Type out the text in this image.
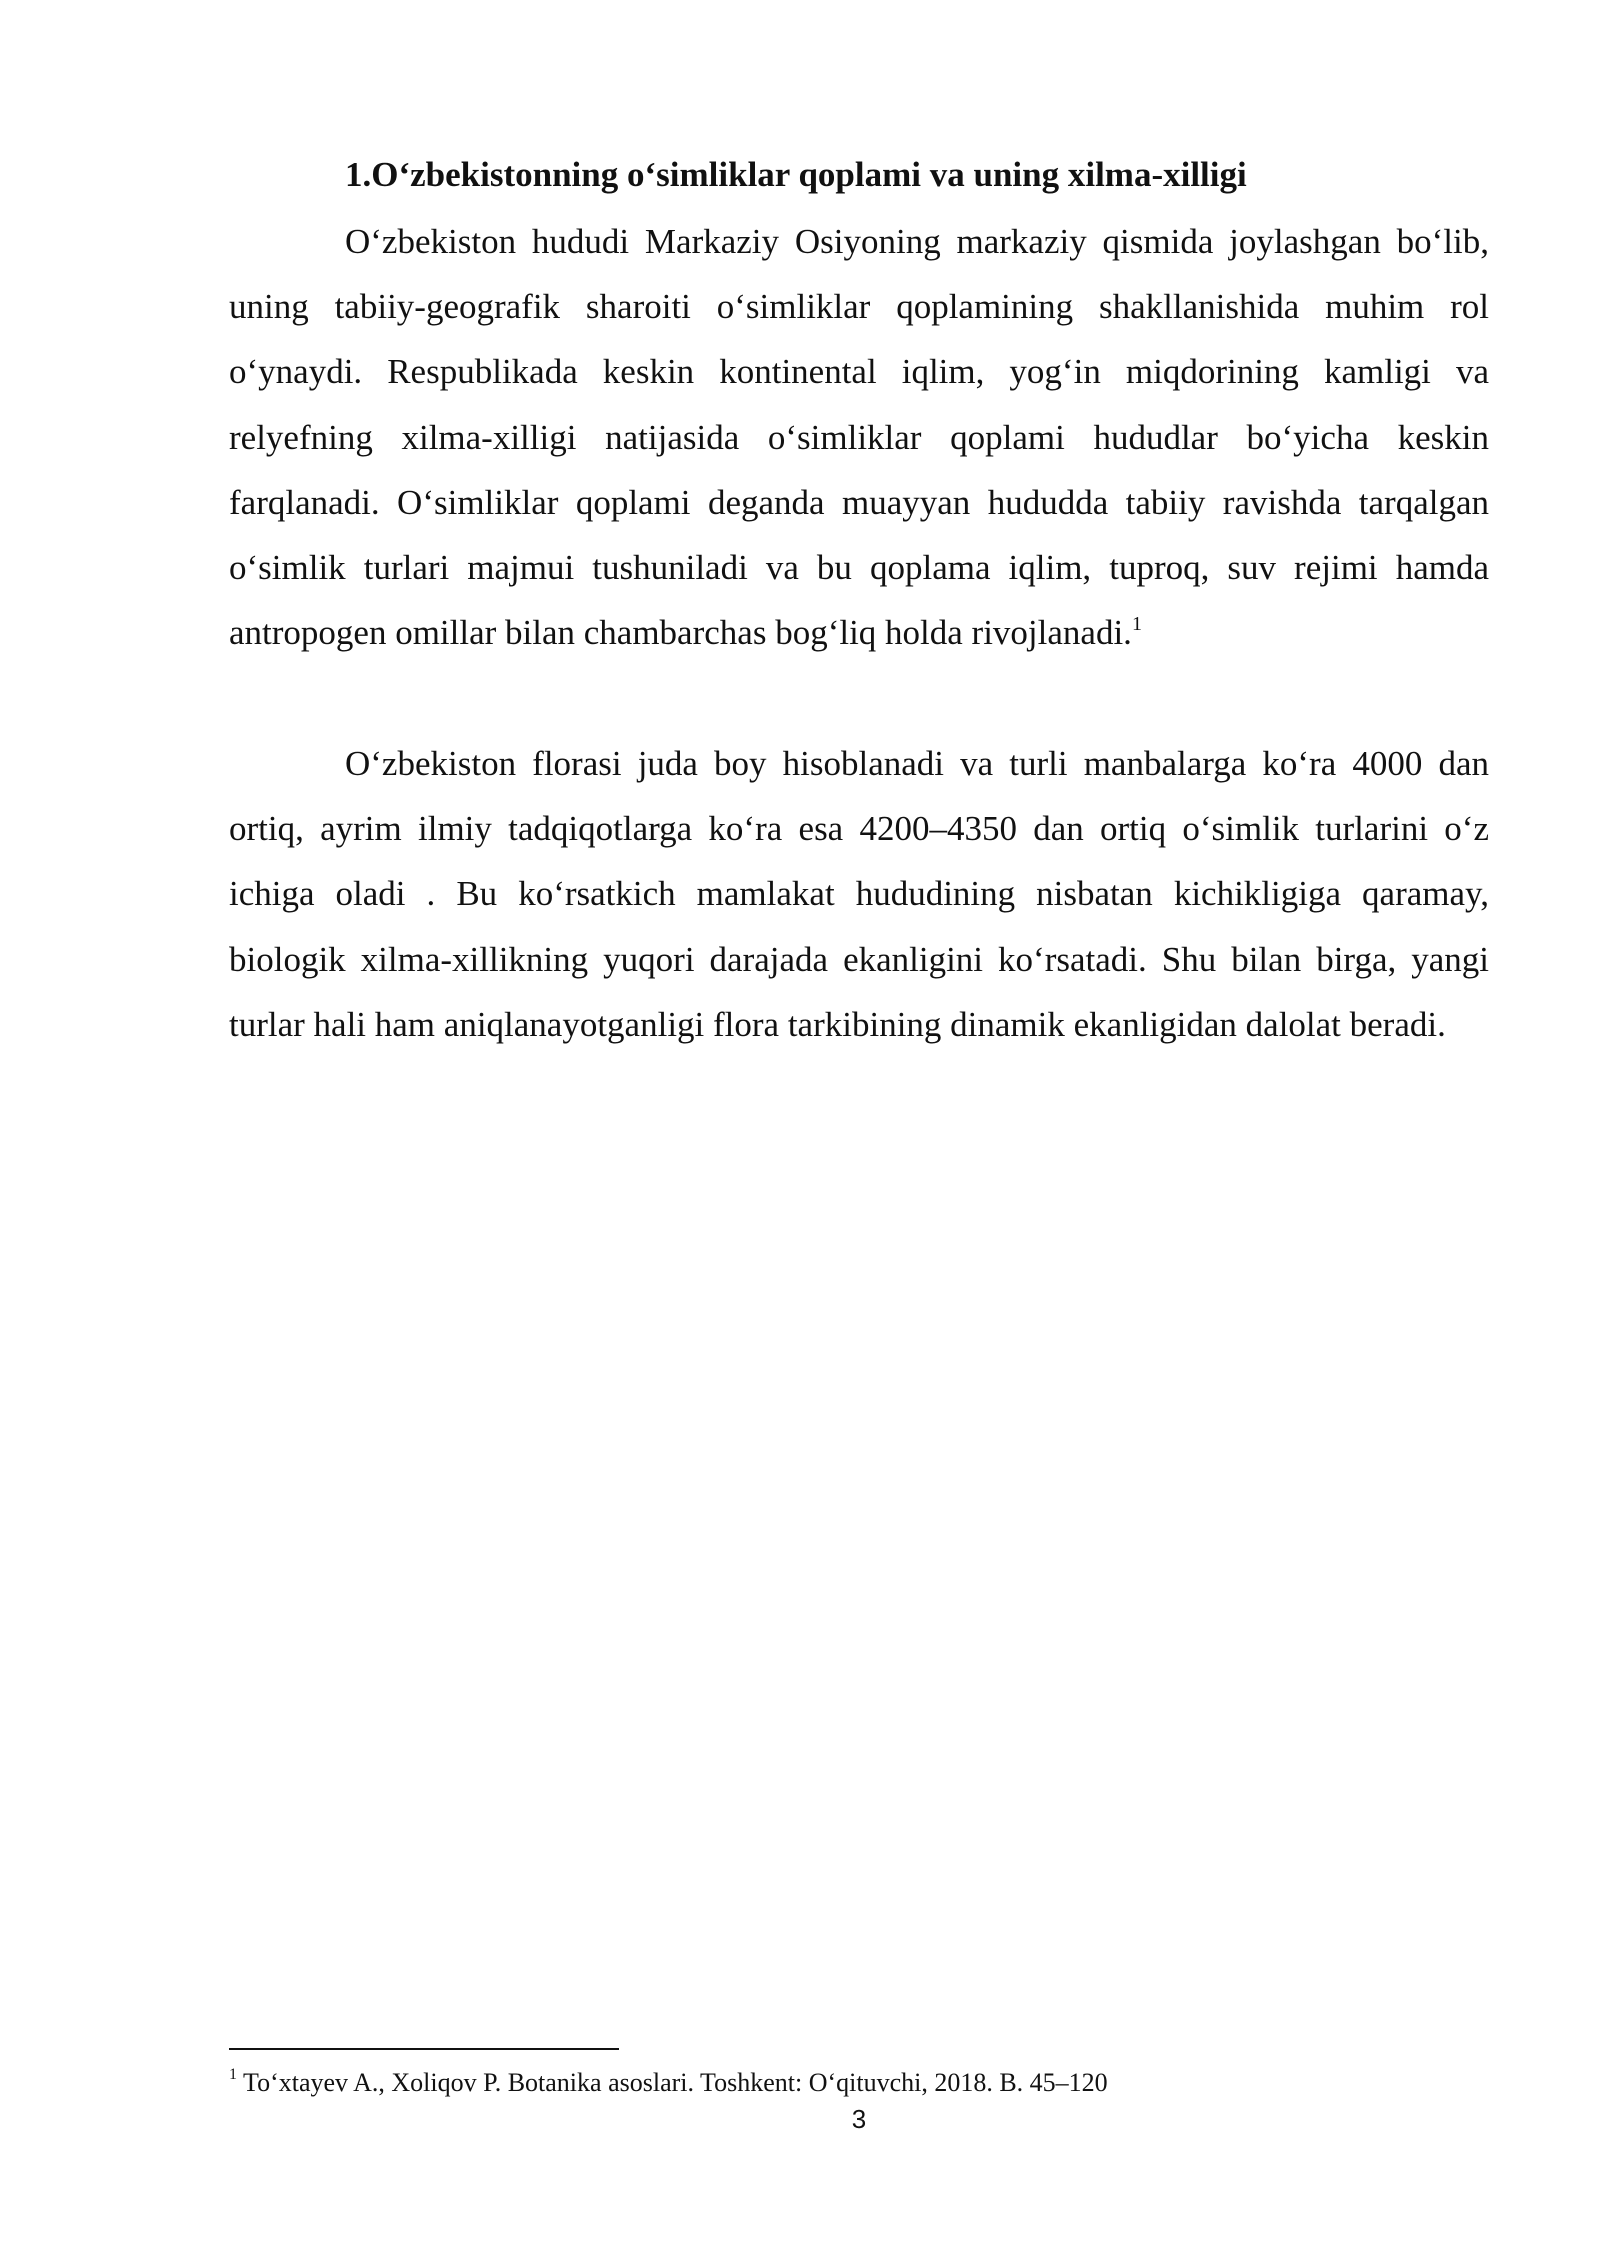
1.O‘zbekistonning o‘simliklar qoplami va uning xilma-xilligi

O‘zbekiston hududi Markaziy Osiyoning markaziy qismida joylashgan bo‘lib, uning tabiiy-geografik sharoiti o‘simliklar qoplamining shakllanishida muhim rol o‘ynaydi. Respublikada keskin kontinental iqlim, yog‘in miqdorining kamligi va relyefning xilma-xilligi natijasida o‘simliklar qoplami hududlar bo‘yicha keskin farqlanadi. O‘simliklar qoplami deganda muayyan hududda tabiiy ravishda tarqalgan o‘simlik turlari majmui tushuniladi va bu qoplama iqlim, tuproq, suv rejimi hamda antropogen omillar bilan chambarchas bog‘liq holda rivojlanadi.$^1$

O‘zbekiston florasi juda boy hisoblanadi va turli manbalarga ko‘ra 4000 dan ortiq, ayrim ilmiy tadqiqotlarga ko‘ra esa 4200–4350 dan ortiq o‘simlik turlarini o‘z ichiga oladi . Bu ko‘rsatkich mamlakat hududining nisbatan kichikligiga qaramay, biologik xilma-xillikning yuqori darajada ekanligini ko‘rsatadi. Shu bilan birga, yangi turlar hali ham aniqlanayotganligi flora tarkibining dinamik ekanligidan dalolat beradi.

$^1$ To‘xtayev A., Xoliqov P. Botanika asoslari. Toshkent: O‘qituvchi, 2018. B. 45–120
3
